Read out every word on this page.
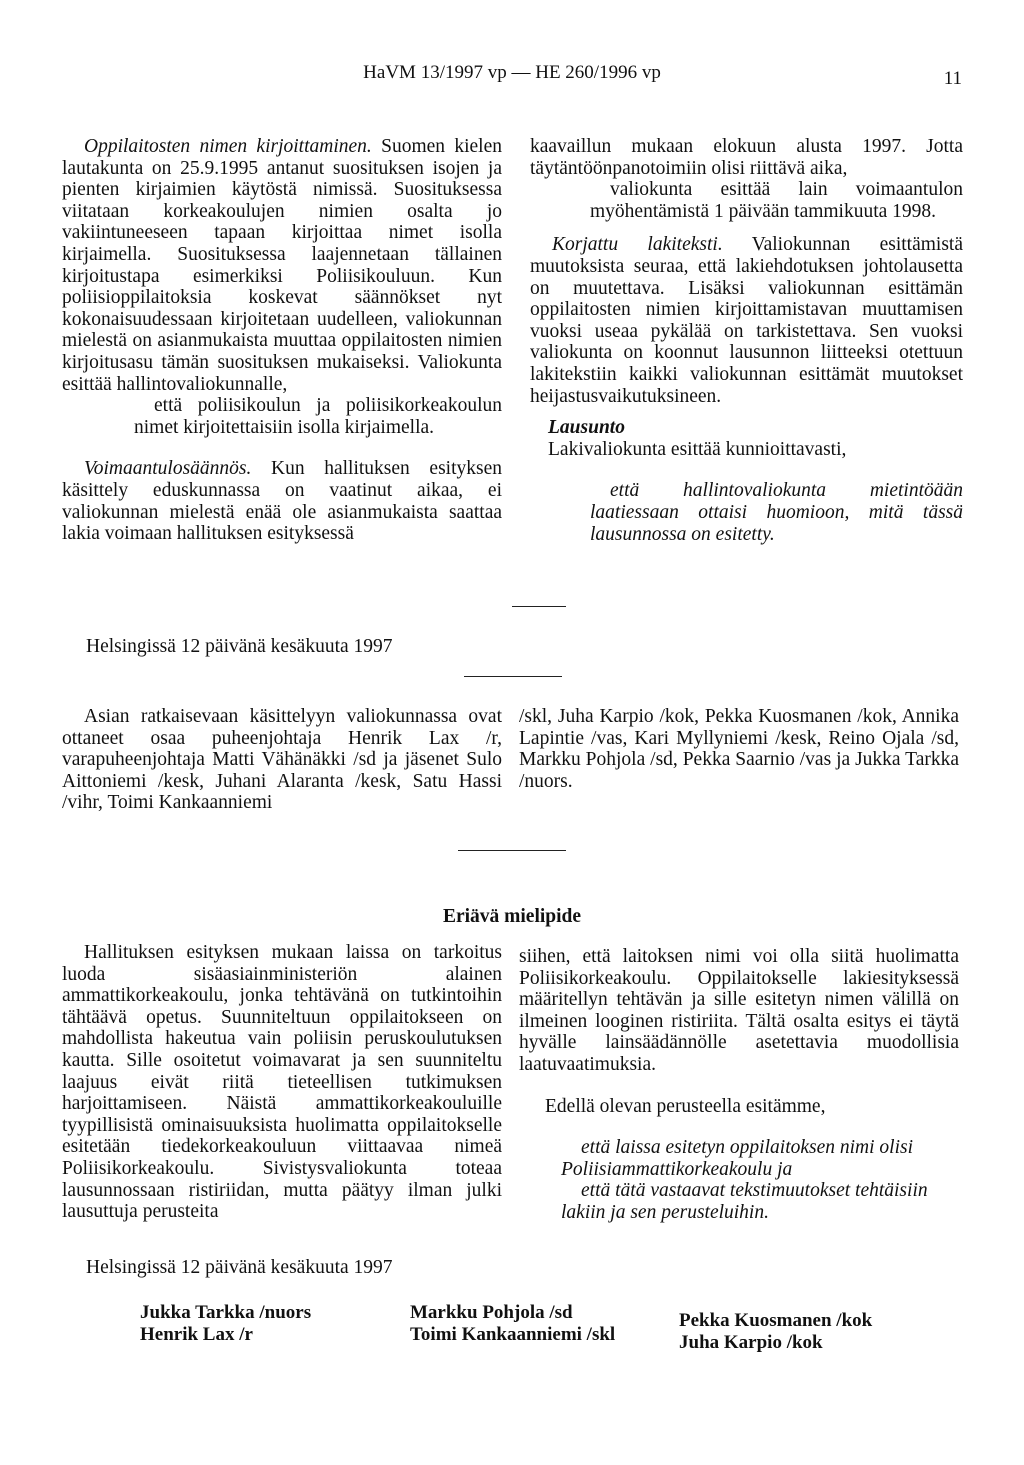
HaVM 13/1997 vp — HE 260/1996 vp	11

Oppilaitosten nimen kirjoittaminen. Suomen kielen lautakunta on 25.9.1995 antanut suosituksen isojen ja pienten kirjaimien käytöstä nimissä. Suosituksessa viitataan korkeakoulujen nimien osalta jo vakiintuneeseen tapaan kirjoittaa nimet isolla kirjaimella. Suosituksessa laajennetaan tällainen kirjoitustapa esimerkiksi Poliisikouluun. Kun poliisioppilaitoksia koskevat säännökset nyt kokonaisuudessaan kirjoitetaan uudelleen, valiokunnan mielestä on asianmukaista muuttaa oppilaitosten nimien kirjoitusasu tämän suosituksen mukaiseksi. Valiokunta esittää hallintovaliokunnalle,

että poliisikoulun ja poliisikorkeakoulun nimet kirjoitettaisiin isolla kirjaimella.

Voimaantulosäännös. Kun hallituksen esityksen käsittely eduskunnassa on vaatinut aikaa, ei valiokunnan mielestä enää ole asianmukaista saattaa lakia voimaan hallituksen esityksessä

kaavaillun mukaan elokuun alusta 1997. Jotta täytäntöönpanotoimiin olisi riittävä aika,

valiokunta esittää lain voimaantulon myöhentämistä 1 päivään tammikuuta 1998.

Korjattu lakiteksti. Valiokunnan esittämistä muutoksista seuraa, että lakiehdotuksen johtolausetta on muutettava. Lisäksi valiokunnan esittämän oppilaitosten nimien kirjoittamistavan muuttamisen vuoksi useaa pykälää on tarkistettava. Sen vuoksi valiokunta on koonnut lausunnon liitteeksi otettuun lakitekstiin kaikki valiokunnan esittämät muutokset heijastusvaikutuksineen.

Lausunto

Lakivaliokunta esittää kunnioittavasti,

että hallintovaliokunta mietintöään laatiessaan ottaisi huomioon, mitä tässä lausunnossa on esitetty.

Helsingissä 12 päivänä kesäkuuta 1997
Asian ratkaisevaan käsittelyyn valiokunnassa ovat ottaneet osaa puheenjohtaja Henrik Lax /r, varapuheenjohtaja Matti Vähänäkki /sd ja jäsenet Sulo Aittoniemi /kesk, Juhani Alaranta /kesk, Satu Hassi /vihr, Toimi Kankaanniemi
/skl, Juha Karpio /kok, Pekka Kuosmanen /kok, Annika Lapintie /vas, Kari Myllyniemi /kesk, Reino Ojala /sd, Markku Pohjola /sd, Pekka Saarnio /vas ja Jukka Tarkka /nuors.
Eriävä mielipide
Hallituksen esityksen mukaan laissa on tarkoitus luoda sisäasiainministeriön alainen ammattikorkeakoulu, jonka tehtävänä on tutkintoihin tähtäävä opetus. Suunniteltuun oppilaitokseen on mahdollista hakeutua vain poliisin peruskoulutuksen kautta. Sille osoitetut voimavarat ja sen suunniteltu laajuus eivät riitä tieteellisen tutkimuksen harjoittamiseen. Näistä ammattikorkeakouluille tyypillisistä ominaisuuksista huolimatta oppilaitokselle esitetään tiedekorkeakouluun viittaavaa nimeä Poliisikorkeakoulu. Sivistysvaliokunta toteaa lausunnossaan ristiriidan, mutta päätyy ilman julki lausuttuja perusteita

siihen, että laitoksen nimi voi olla siitä huolimatta Poliisikorkeakoulu. Oppilaitokselle lakiesityksessä määritellyn tehtävän ja sille esitetyn nimen välillä on ilmeinen looginen ristiriita. Tältä osalta esitys ei täytä hyvälle lainsäädännölle asetettavia muodollisia laatuvaatimuksia.

Edellä olevan perusteella esitämme,

että laissa esitetyn oppilaitoksen nimi olisi Poliisiammattikorkeakoulu ja

että tätä vastaavat tekstimuutokset tehtäisiin lakiin ja sen perusteluihin.

Helsingissä 12 päivänä kesäkuuta 1997
Jukka Tarkka /nuors
Henrik Lax /r
Markku Pohjola /sd
Toimi Kankaanniemi /skl
Pekka Kuosmanen /kok
Juha Karpio /kok
